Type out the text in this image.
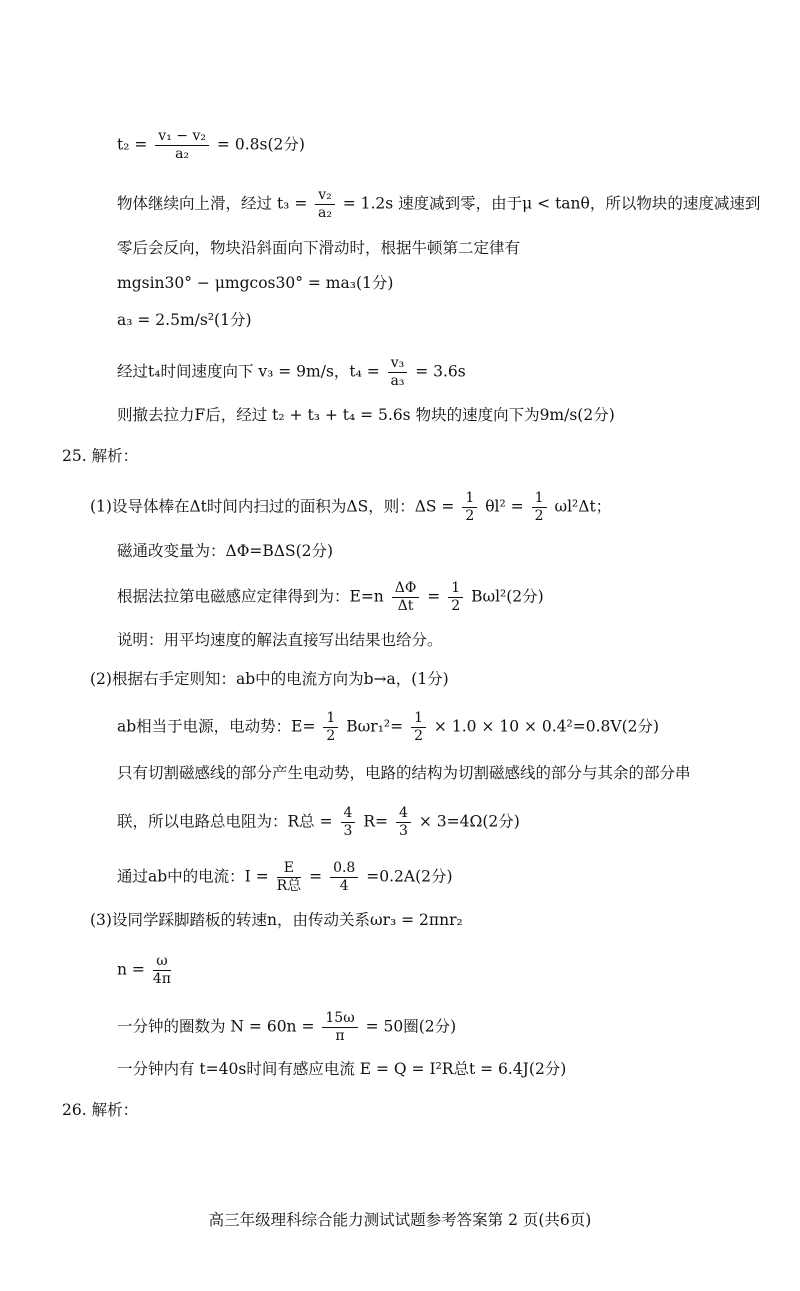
$t_2 = \frac{\text{v₁ − v₂}}{\text{a₂}} = 0.8s(2$分)
物体继续向上滑，经过 $t_3 = \frac{\text{v₂}}{\text{a₂}} = 1.2s$ 速度减到零，由于μ < tanθ，所以物块的速度减速到
零后会反向，物块沿斜面向下滑动时，根据牛顿第二定律有
mgsin30° − μmgcos30° = ma₃(1分)
a₃ = 2.5m/s²(1分)
经过t₄时间速度向下 v₃ = 9m/s，$t_4 = \frac{\text{v₃}}{\text{a₃}} = 3.6s$
则撤去拉力F后，经过 t₂ + t₃ + t₄ = 5.6s 物块的速度向下为9m/s(2分)
25. 解析：
(1)设导体棒在Δt时间内扫过的面积为ΔS，则：$\Delta S = \frac{1}{2} \theta l^2 = \frac{1}{2} \omega l^2\Delta t$；
磁通改变量为：ΔΦ=BΔS(2分)
根据法拉第电磁感应定律得到为：$E=n \frac{\Delta\Phi}{\Delta t} = \frac{1}{2} B\omega l^2(2$分)
说明：用平均速度的解法直接写出结果也给分。
(2)根据右手定则知：ab中的电流方向为b→a，(1分)
ab相当于电源，电动势：$E= \frac{1}{2} B\omega r_1^2= \frac{1}{2} \times 1.0 \times 10 \times 0.4^2=0.8V(2$分)
只有切割磁感线的部分产生电动势，电路的结构为切割磁感线的部分与其余的部分串
联，所以电路总电阻为：R总 = $\frac{4}{3} R= \frac{4}{3} \times 3=4\Omega(2$分)
通过ab中的电流：$I = \frac{E}{\text{R总}} = \frac{0.8}{4} =0.2A(2$分)
(3)设同学踩脚踏板的转速n，由传动关系ωr₃ = 2πnr₂
$n = \frac{\omega}{4\pi}$
一分钟的圈数为 $N = 60n = \frac{15\omega}{\pi} = 50$圈(2分)
一分钟内有 t=40s时间有感应电流 E = Q = I²R总t = 6.4J(2分)
26. 解析：
高三年级理科综合能力测试试题参考答案第 2 页(共6页)
